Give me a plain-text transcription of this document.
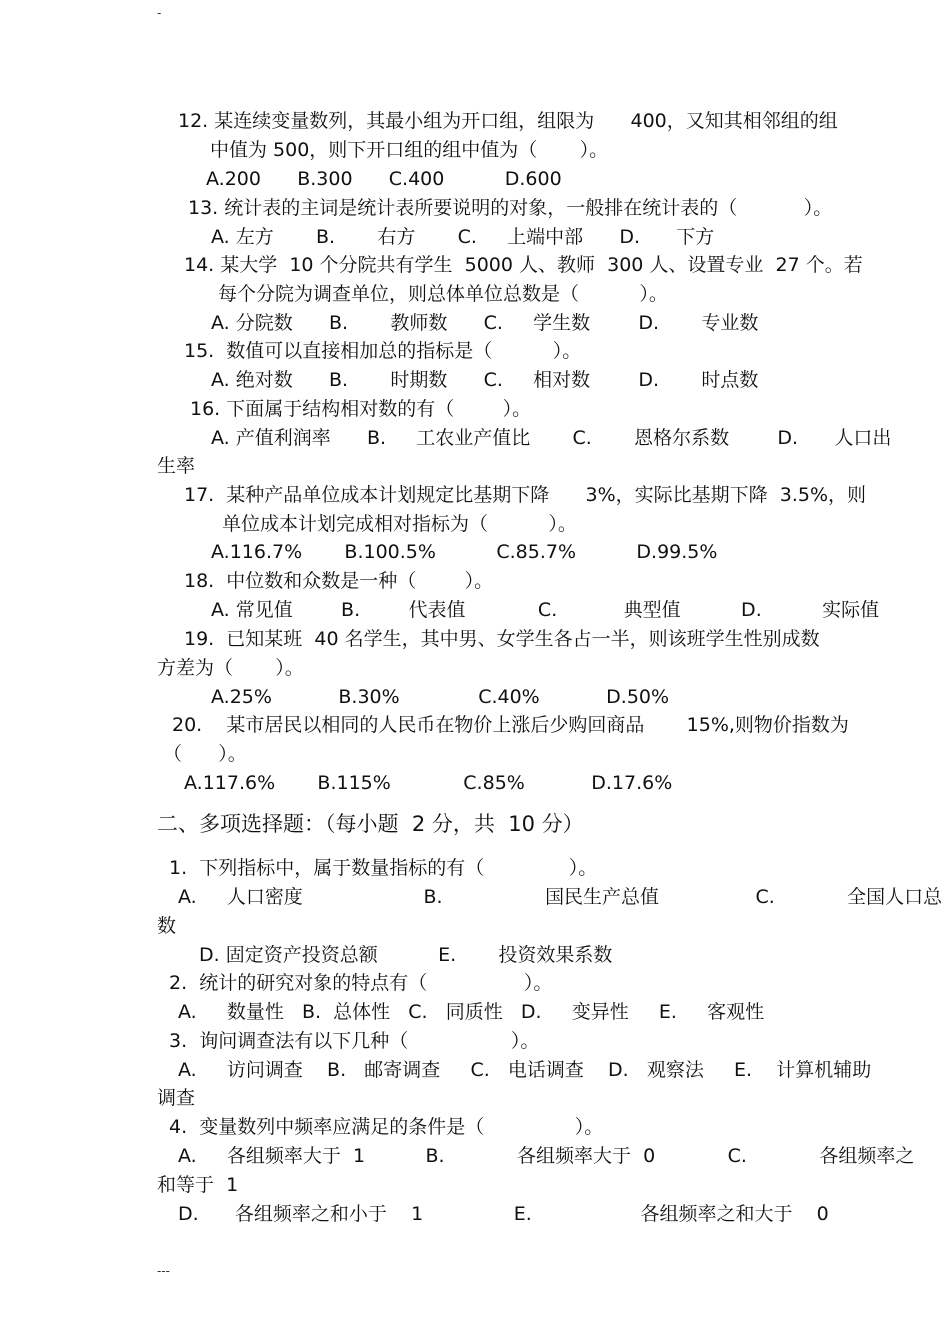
-
12. 某连续变量数列，其最小组为开口组，组限为      400，又知其相邻组的组
中值为 500，则下开口组的组中值为（       ）。
A.200      B.300      C.400          D.600
13. 统计表的主词是统计表所要说明的对象，一般排在统计表的（           ）。
A. 左方       B.       右方       C.     上端中部      D.      下方
14. 某大学  10 个分院共有学生  5000 人、教师  300 人、设置专业  27 个。若
每个分院为调查单位，则总体单位总数是（          ）。
A. 分院数      B.       教师数      C.     学生数        D.       专业数
15.  数值可以直接相加总的指标是（          ）。
A. 绝对数      B.       时期数      C.     相对数        D.       时点数
16. 下面属于结构相对数的有（        ）。
A. 产值利润率      B.     工农业产值比       C.       恩格尔系数        D.      人口出
生率
17.  某种产品单位成本计划规定比基期下降      3%，实际比基期下降  3.5%，则
单位成本计划完成相对指标为（          ）。
A.116.7%       B.100.5%          C.85.7%          D.99.5%
18.  中位数和众数是一种（        ）。
A. 常见值        B.        代表值            C.           典型值          D.          实际值
19.  已知某班  40 名学生，其中男、女学生各占一半，则该班学生性别成数
方差为（       ）。
A.25%           B.30%             C.40%           D.50%
20.    某市居民以相同的人民币在物价上涨后少购回商品       15%,则物价指数为
（      ）。
A.117.6%       B.115%            C.85%           D.17.6%
二、多项选择题：（每小题  2 分，共  10 分）
1.  下列指标中，属于数量指标的有（              ）。
A.     人口密度                    B.                 国民生产总值                C.            全国人口总
数
D. 固定资产投资总额          E.       投资效果系数
2.  统计的研究对象的特点有（                ）。
A.     数量性   B.  总体性   C.   同质性   D.     变异性     E.     客观性
3.  询问调查法有以下几种（                 ）。
A.     访问调查    B.   邮寄调查     C.   电话调查    D.   观察法     E.    计算机辅助
调查
4.  变量数列中频率应满足的条件是（               ）。
A.     各组频率大于  1          B.            各组频率大于  0            C.            各组频率之
和等于  1
D.      各组频率之和小于    1               E.                  各组频率之和大于    0
---
